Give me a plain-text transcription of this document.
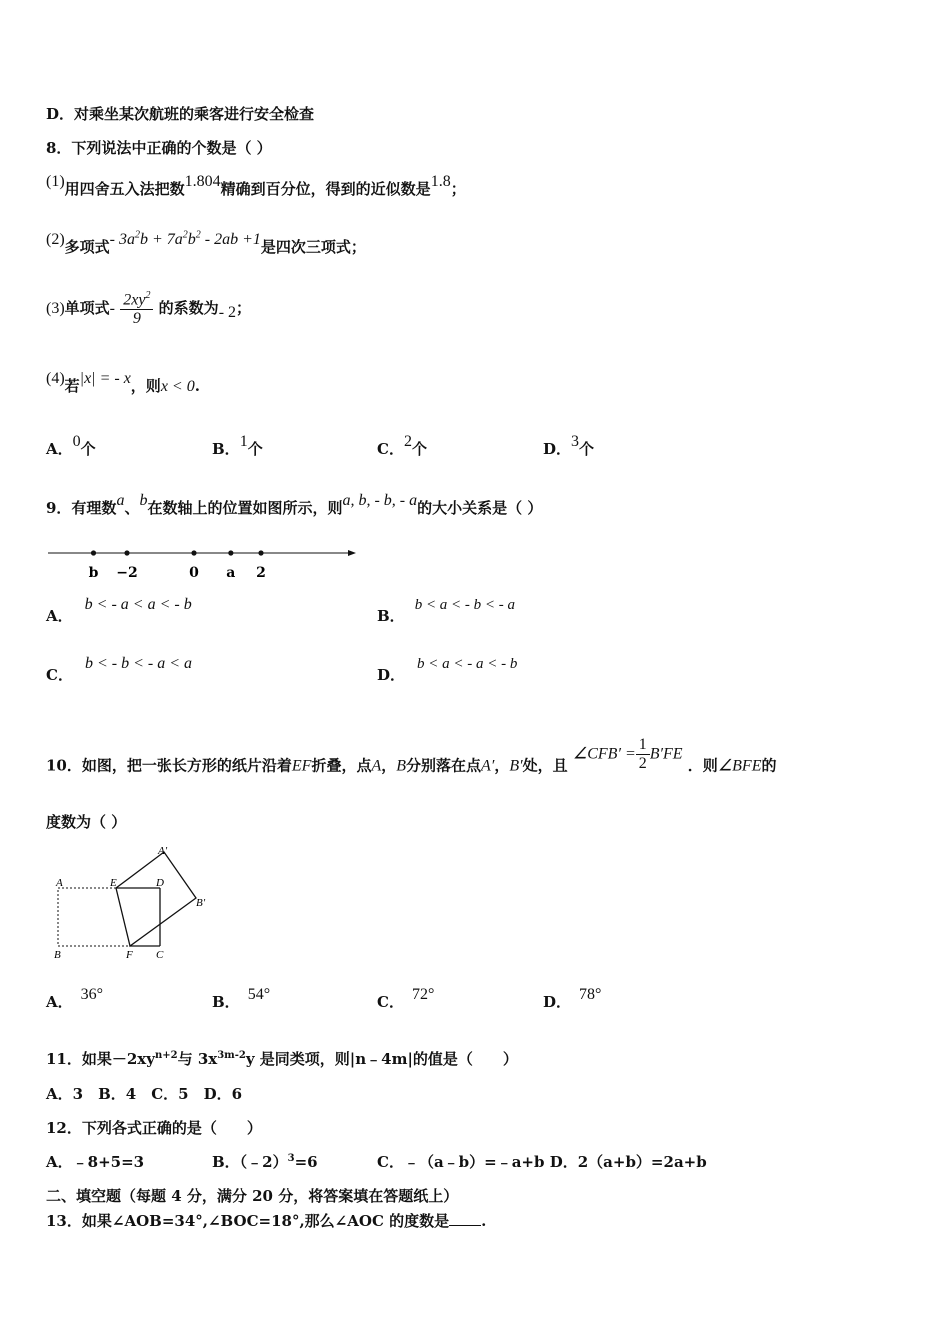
D．对乘坐某次航班的乘客进行安全检查
8．下列说法中正确的个数是（ ）
(1)用四舍五入法把数1.804精确到百分位，得到的近似数是1.8；
(2)多项式- $3a^2b + 7a^2b^2 - 2ab +1$是四次三项式；
(3)单项式- $\frac{2xy^2}{9}$ 的系数为- 2；
(4)若|x| = - x，则x < 0.
A．0个	B．1个	C．2个	D．3个
9．有理数a、b在数轴上的位置如图所示，则a, b, - b, - a的大小关系是（ ）
b −2	0 a 2
A．b < - a < a < - b
B．b < a < - b < - a
C．b < - b < - a < a
D．b < a < - a < - b
10．如图，把一张长方形的纸片沿着EF折叠，点A，B分别落在点A′，B′处，且 ∠CFB′ = $\frac{1}{2} B'FE$ ．则∠BFE的
度数为（ ）
A	E	D
A′
B′
B	F C
A． 36°	B． 54°	C． 72°	D． 78°
11．如果$-2xy^{n+2}$与 $3x^{3m-2}y$ 是同类项，则|n﹣4m|的值是（　　）
A．3　B．4　C．5　D．6
12．下列各式正确的是（　　）
A．﹣8+5=3	B．（﹣2）$^3$=6	C．﹣（a﹣b）=﹣a+b D．2（a+b）=2a+b
二、填空题（每题 4 分，满分 20 分，将答案填在答题纸上）
13．如果∠AOB=34°,∠BOC=18°,那么∠AOC 的度数是 .
